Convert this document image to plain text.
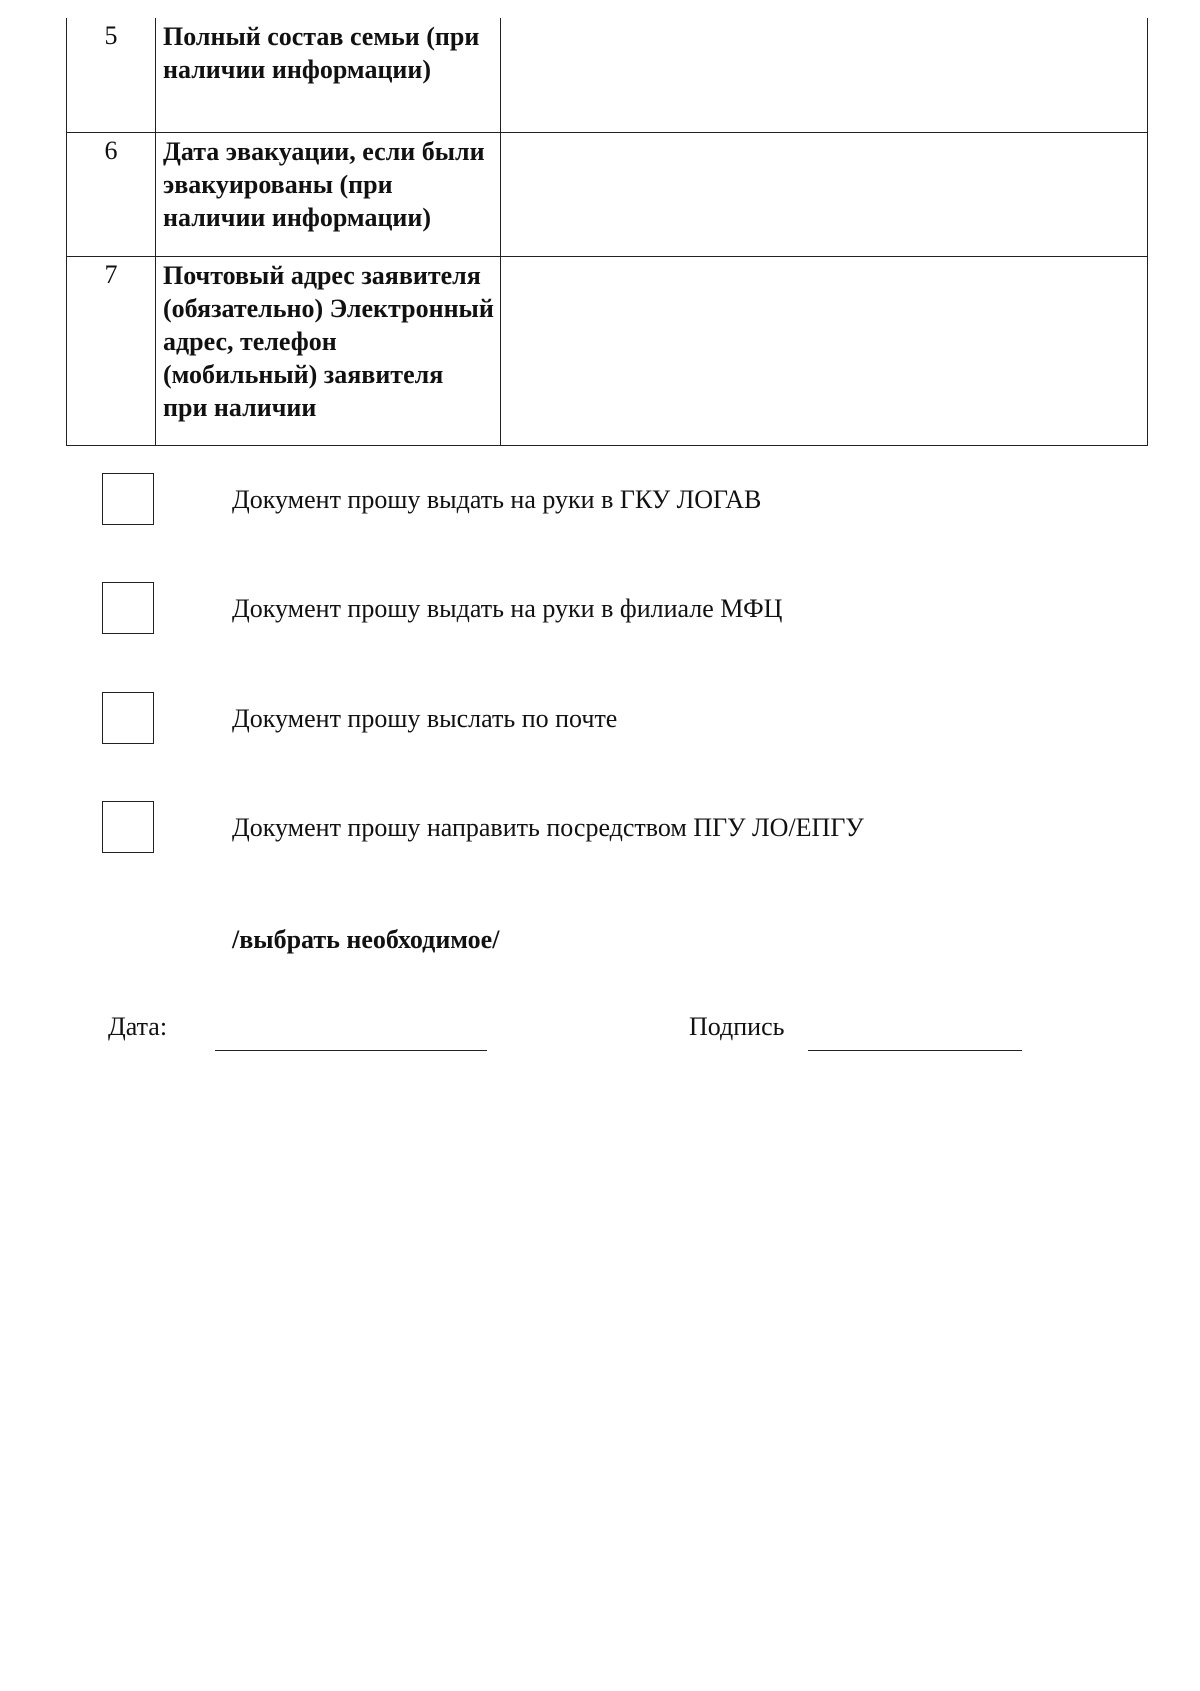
5	Полный состав семьи (при наличии информации)	
6	Дата эвакуации, если были эвакуированы (при наличии информации)	
7	Почтовый адрес заявителя (обязательно) Электронный адрес, телефон (мобильный) заявителя при наличии	
Документ прошу выдать на руки в ГКУ ЛОГАВ
Документ прошу выдать на руки в филиале МФЦ
Документ прошу выслать по почте
Документ прошу направить посредством ПГУ ЛО/ЕПГУ
/выбрать необходимое/
Дата:	Подпись
